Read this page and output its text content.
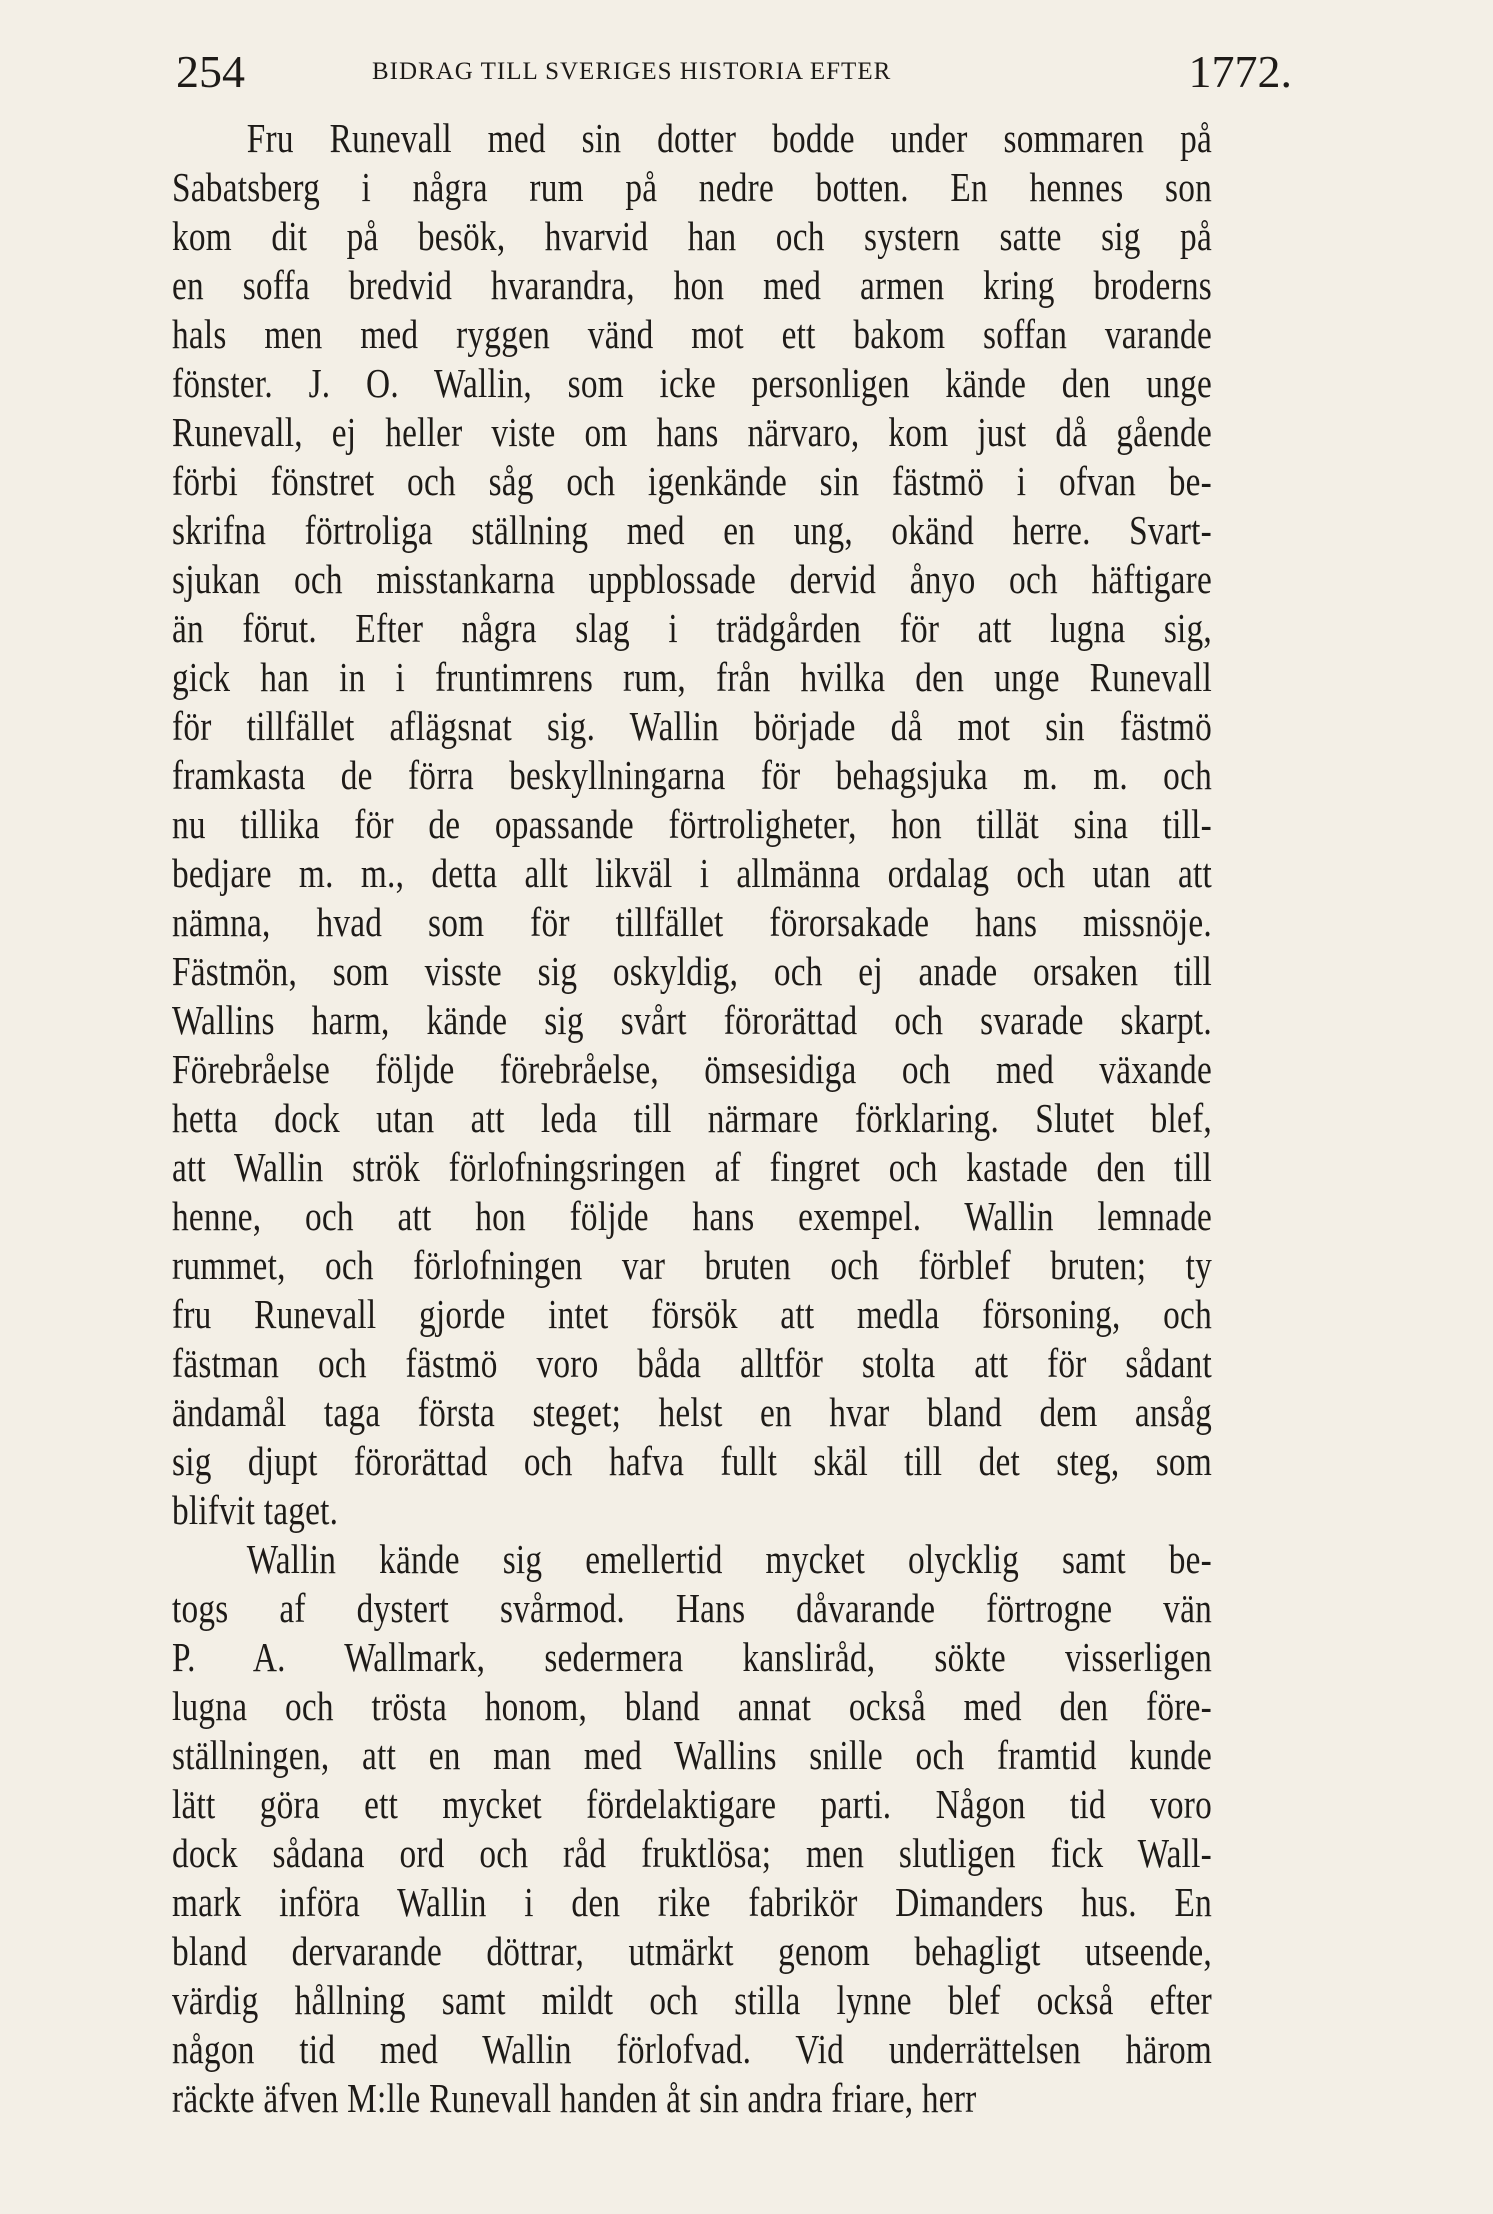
254	BIDRAG TILL SVERIGES HISTORIA EFTER	1772.
Fru Runevall med sin dotter bodde under sommaren på
Sabatsberg i några rum på nedre botten. En hennes son
kom dit på besök, hvarvid han och systern satte sig på
en soffa bredvid hvarandra, hon med armen kring broderns
hals men med ryggen vänd mot ett bakom soffan varande
fönster. J. O. Wallin, som icke personligen kände den unge
Runevall, ej heller viste om hans närvaro, kom just då gående
förbi fönstret och såg och igenkände sin fästmö i ofvan be-
skrifna förtroliga ställning med en ung, okänd herre. Svart-
sjukan och misstankarna uppblossade dervid ånyo och häftigare
än förut. Efter några slag i trädgården för att lugna sig,
gick han in i fruntimrens rum, från hvilka den unge Runevall
för tillfället aflägsnat sig. Wallin började då mot sin fästmö
framkasta de förra beskyllningarna för behagsjuka m. m. och
nu tillika för de opassande förtroligheter, hon tillät sina till-
bedjare m. m., detta allt likväl i allmänna ordalag och utan att
nämna, hvad som för tillfället förorsakade hans missnöje.
Fästmön, som visste sig oskyldig, och ej anade orsaken till
Wallins harm, kände sig svårt förorättad och svarade skarpt.
Förebråelse följde förebråelse, ömsesidiga och med växande
hetta dock utan att leda till närmare förklaring. Slutet blef,
att Wallin strök förlofningsringen af fingret och kastade den till
henne, och att hon följde hans exempel. Wallin lemnade
rummet, och förlofningen var bruten och förblef bruten; ty
fru Runevall gjorde intet försök att medla försoning, och
fästman och fästmö voro båda alltför stolta att för sådant
ändamål taga första steget; helst en hvar bland dem ansåg
sig djupt förorättad och hafva fullt skäl till det steg, som
blifvit taget.
Wallin kände sig emellertid mycket olycklig samt be-
togs af dystert svårmod. Hans dåvarande förtrogne vän
P. A. Wallmark, sedermera kansliråd, sökte visserligen
lugna och trösta honom, bland annat också med den före-
ställningen, att en man med Wallins snille och framtid kunde
lätt göra ett mycket fördelaktigare parti. Någon tid voro
dock sådana ord och råd fruktlösa; men slutligen fick Wall-
mark införa Wallin i den rike fabrikör Dimanders hus. En
bland dervarande döttrar, utmärkt genom behagligt utseende,
värdig hållning samt mildt och stilla lynne blef också efter
någon tid med Wallin förlofvad. Vid underrättelsen härom
räckte äfven M:lle Runevall handen åt sin andra friare, herr
